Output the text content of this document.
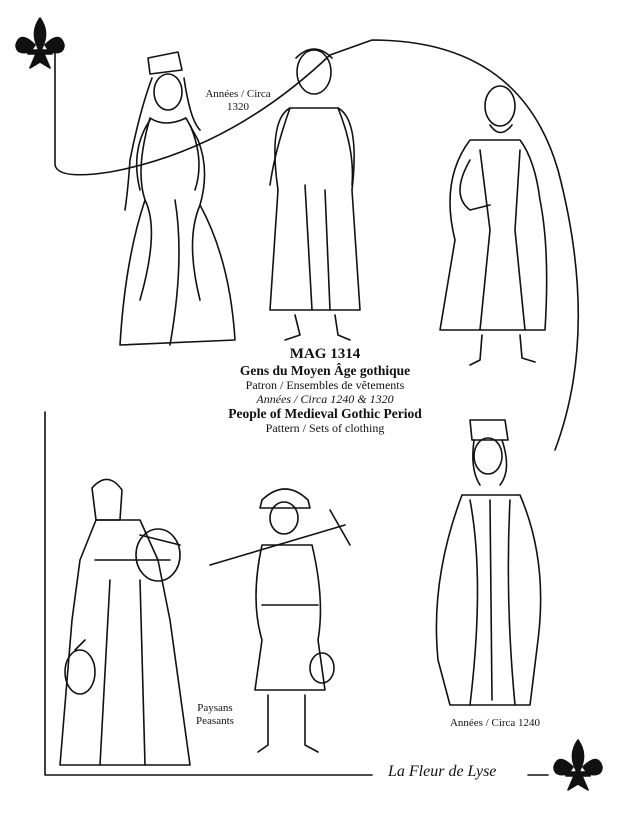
Années / Circa
1320
MAG 1314
Gens du Moyen Âge gothique
Patron / Ensembles de vêtements
Années / Circa 1240 & 1320
People of Medieval Gothic Period
Pattern / Sets of clothing
Paysans
Peasants	Années / Circa 1240
La Fleur de Lyse
